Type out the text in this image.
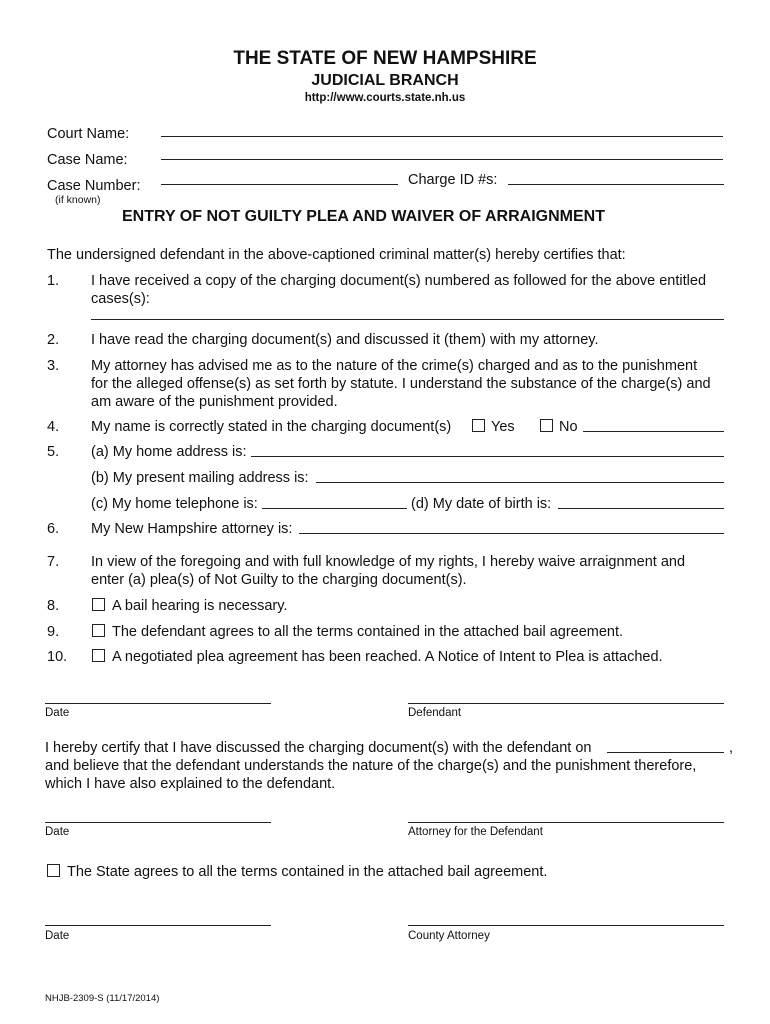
THE STATE OF NEW HAMPSHIRE
JUDICIAL BRANCH
http://www.courts.state.nh.us
Court Name:
Case Name:
Case Number:
(if known)
Charge ID #s:
ENTRY OF NOT GUILTY PLEA AND WAIVER OF ARRAIGNMENT
The undersigned defendant in the above-captioned criminal matter(s) hereby certifies that:
1. I have received a copy of the charging document(s) numbered as followed for the above entitled
cases(s):
2. I have read the charging document(s) and discussed it (them) with my attorney.
3. My attorney has advised me as to the nature of the crime(s) charged and as to the punishment
for the alleged offense(s) as set forth by statute. I understand the substance of the charge(s) and
am aware of the punishment provided.
4. My name is correctly stated in the charging document(s)	Yes	No
5. (a) My home address is:
(b) My present mailing address is:
(c) My home telephone is:	(d) My date of birth is:
6. My New Hampshire attorney is:
7. In view of the foregoing and with full knowledge of my rights, I hereby waive arraignment and
enter (a) plea(s) of Not Guilty to the charging document(s).
8.	A bail hearing is necessary.
9.	The defendant agrees to all the terms contained in the attached bail agreement.
10.	A negotiated plea agreement has been reached. A Notice of Intent to Plea is attached.
Date	Defendant
I hereby certify that I have discussed the charging document(s) with the defendant on	,
and believe that the defendant understands the nature of the charge(s) and the punishment therefore,
which I have also explained to the defendant.
Date	Attorney for the Defendant
The State agrees to all the terms contained in the attached bail agreement.
Date	County Attorney
NHJB-2309-S (11/17/2014)
